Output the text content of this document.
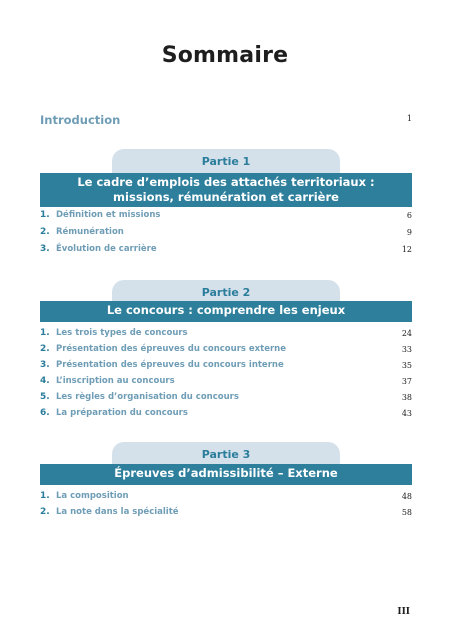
Sommaire
Introduction	1
Partie 1
Le cadre d’emplois des attachés territoriaux :
missions, rémunération et carrière
1. Définition et missions	6
2. Rémunération	9
3. Évolution de carrière	12
Partie 2
Le concours : comprendre les enjeux
1. Les trois types de concours	24
2. Présentation des épreuves du concours externe	33
3. Présentation des épreuves du concours interne	35
4. L’inscription au concours	37
5. Les règles d’organisation du concours	38
6. La préparation du concours	43
Partie 3
Épreuves d’admissibilité – Externe
1. La composition	48
2. La note dans la spécialité	58
III
